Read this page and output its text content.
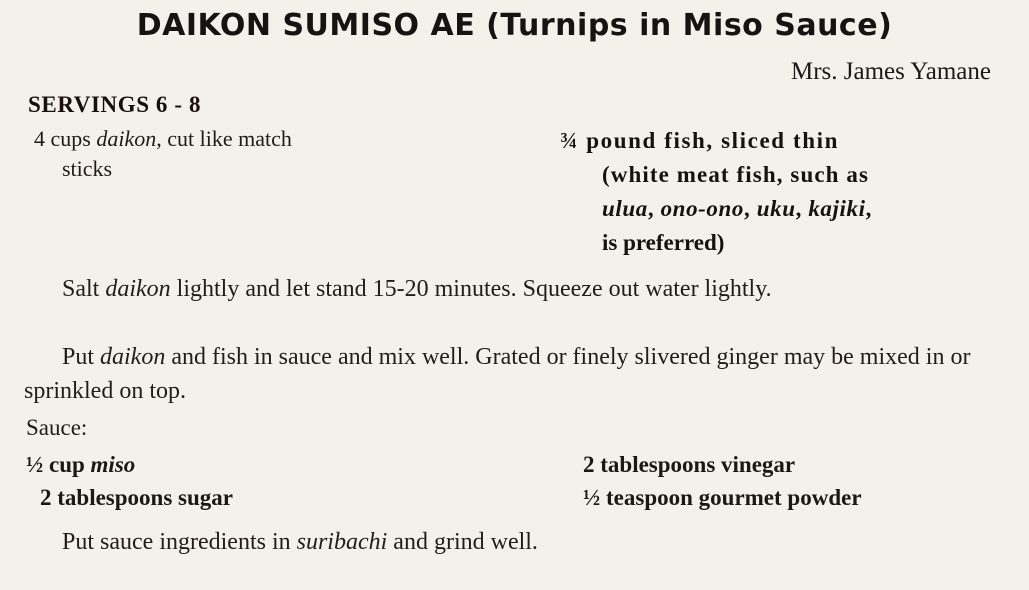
DAIKON SUMISO AE (Turnips in Miso Sauce)
Mrs. James Yamane
SERVINGS 6 - 8
4 cups daikon, cut like match
sticks
¾ pound fish, sliced thin
(white meat fish, such as
ulua, ono-ono, uku, kajiki,
is preferred)
Salt daikon lightly and let stand 15-20 minutes. Squeeze out water lightly.
Put daikon and fish in sauce and mix well. Grated or finely slivered ginger may be mixed in or sprinkled on top.
Sauce:
½ cup miso
2 tablespoons sugar
2 tablespoons vinegar
½ teaspoon gourmet powder
Put sauce ingredients in suribachi and grind well.
